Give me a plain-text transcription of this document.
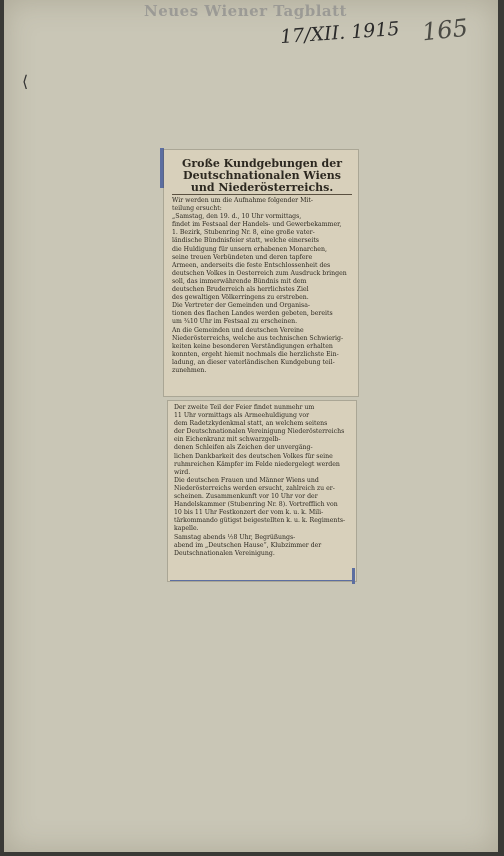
Neues Wiener Tagblatt
17/XII. 1915 165
⟨
Große Kundgebungen der Deutschnationalen Wiens und Niederösterreichs.
Wir werden um die Aufnahme folgender Mit-
teilung ersucht:
„Samstag, den 19. d., 10 Uhr vormittags,
findet im Festsaal der Handels- und Gewerbekammer,
1. Bezirk, Stubenring Nr. 8, eine große vater-
ländische Bündnisfeier statt, welche einerseits
die Huldigung für unsern erhabenen Monarchen,
seine treuen Verbündeten und deren tapfere
Armeen, anderseits die feste Entschlossenheit des
deutschen Volkes in Oesterreich zum Ausdruck bringen
soll, das immerwährende Bündnis mit dem
deutschen Bruderreich als herrlichstes Ziel
des gewaltigen Völkerringens zu erstreben.
Die Vertreter der Gemeinden und Organisa-
tionen des flachen Landes werden gebeten, bereits
um ¾10 Uhr im Festsaal zu erscheinen.
An die Gemeinden und deutschen Vereine
Niederösterreichs, welche aus technischen Schwierig-
keiten keine besonderen Verständigungen erhalten
konnten, ergeht hiemit nochmals die herzlichste Ein-
ladung, an dieser vaterländischen Kundgebung teil-
zunehmen.
Der zweite Teil der Feier findet nunmehr um
11 Uhr vormittags als Armeehuldigung vor
dem Radetzkydenkmal statt, an welchem seitens
der Deutschnationalen Vereinigung Niederösterreichs
ein Eichenkranz mit schwarzgelb-
denen Schleifen als Zeichen der unvergäng-
lichen Dankbarkeit des deutschen Volkes für seine
ruhmreichen Kämpfer im Felde niedergelegt werden
wird.
Die deutschen Frauen und Männer Wiens und
Niederösterreichs werden ersucht, zahlreich zu er-
scheinen. Zusammenkunft vor 10 Uhr vor der
Handelskammer (Stubenring Nr. 8). Vortrefflich von
10 bis 11 Uhr Festkonzert der vom k. u. k. Mili-
tärkommando gütigst beigestellten k. u. k. Regiments-
kapelle.
Samstag abends ½8 Uhr, Begrüßungs-
abend im „Deutschen Hause“, Klubzimmer der
Deutschnationalen Vereinigung.
